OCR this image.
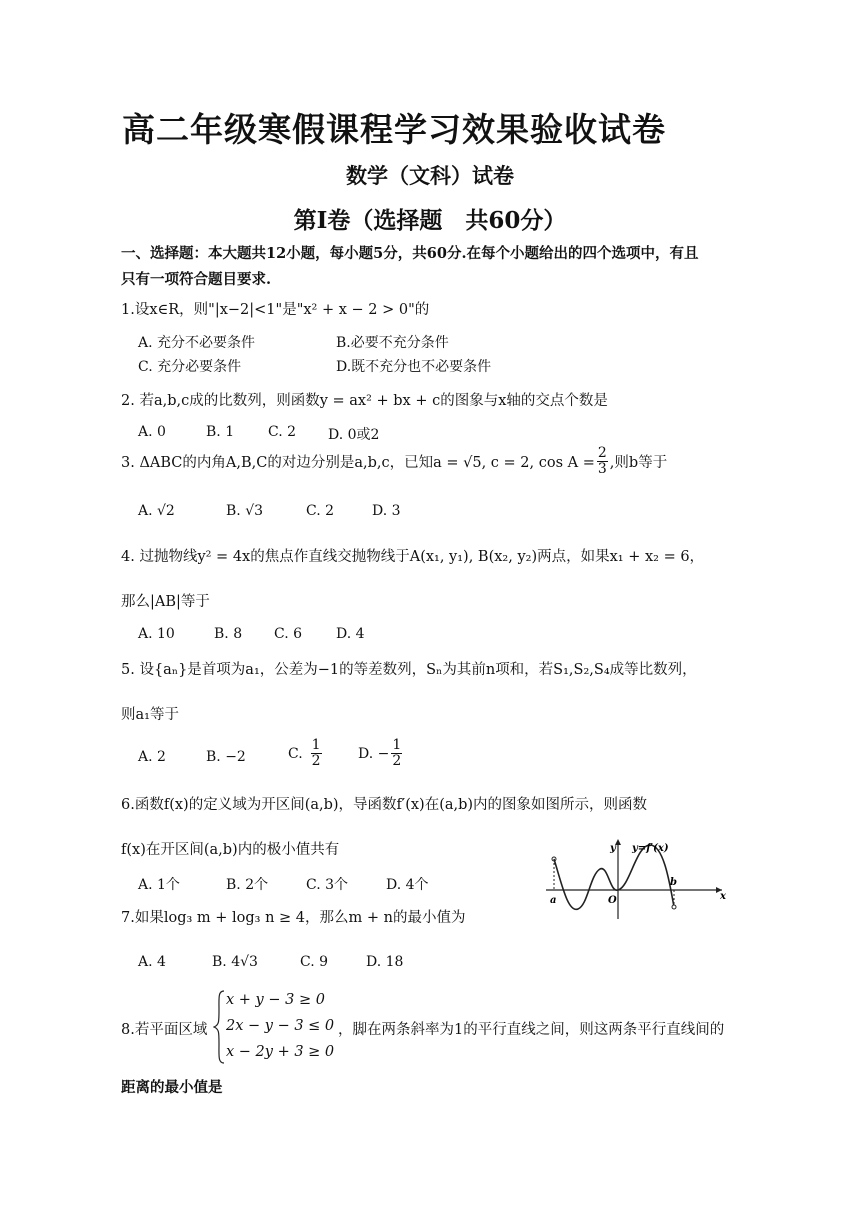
高二年级寒假课程学习效果验收试卷
数学（文科）试卷
第Ⅰ卷（选择题　共60分）
一、选择题：本大题共12小题，每小题5分，共60分.在每个小题给出的四个选项中，有且
只有一项符合题目要求.
1.设x∈R，则"|x−2|<1"是"x² + x − 2 > 0"的
A. 充分不必要条件	B.必要不充分条件
C. 充分必要条件	D.既不充分也不必要条件
2. 若a,b,c成的比数列，则函数y = ax² + bx + c的图象与x轴的交点个数是
A. 0	B. 1 C. 2 D. 0或2
3. ΔABC的内角A,B,C的对边分别是a,b,c，已知a = √5, c = 2, $\cos A = \frac{2}{3}$ ,则b等于
A. √2	B. √3	C. 2	D. 3
4. 过抛物线y² = 4x的焦点作直线交抛物线于A(x₁, y₁), B(x₂, y₂)两点，如果x₁ + x₂ = 6，
那么|AB|等于
A. 10	B. 8 C. 6 D. 4
5. 设{aₙ}是首项为a₁，公差为−1的等差数列，Sₙ为其前n项和，若S₁,S₂,S₄成等比数列，
则a₁等于
A. 2	B. −2	C. $\frac{1}{2}$	D. − $\frac{1}{2}$
6.函数f(x)的定义域为开区间(a,b)，导函数f′(x)在(a,b)内的图象如图所示，则函数
f(x)在开区间(a,b)内的极小值共有
A. 1个	B. 2个	C. 3个	D. 4个
y y=f′(x)
a	O
b
x
7.如果log₃ m + log₃ n ≥ 4，那么m + n的最小值为
A. 4	B. 4√3	C. 9	D. 18
8.若平面区域
x + y − 3 ≥ 0
2x − y − 3 ≤ 0
x − 2y + 3 ≥ 0
，脚在两条斜率为1的平行直线之间，则这两条平行直线间的
距离的最小值是
